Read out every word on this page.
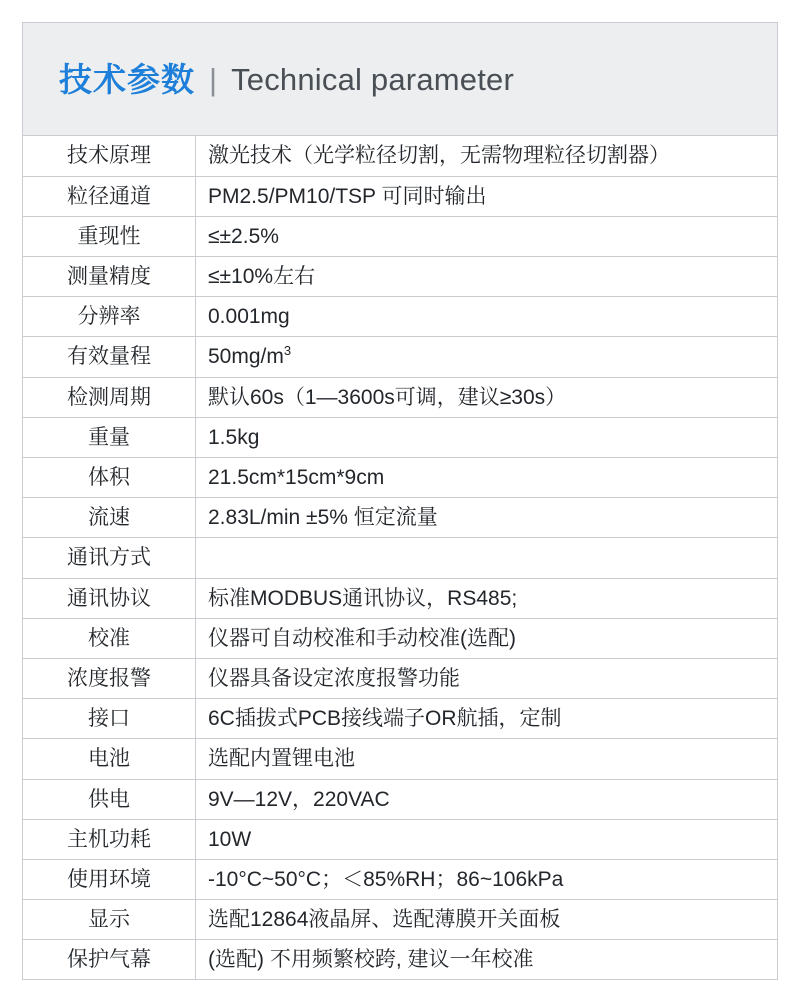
技术参数 | Technical parameter
技术原理	激光技术（光学粒径切割，无需物理粒径切割器）
粒径通道	PM2.5/PM10/TSP 可同时输出
重现性	≤±2.5%
测量精度	≤±10%左右
分辨率	0.001mg
有效量程	$50mg/m^3$
检测周期	默认60s（1—3600s可调，建议≥30s）
重量	1.5kg
体积	21.5cm*15cm*9cm
流速	2.83L/min ±5% 恒定流量
通讯方式	
通讯协议	标准MODBUS通讯协议，RS485;
校准	仪器可自动校准和手动校准(选配)
浓度报警	仪器具备设定浓度报警功能
接口	6C插拔式PCB接线端子OR航插，定制
电池	选配内置锂电池
供电	9V—12V，220VAC
主机功耗	10W
使用环境	-10°C~50°C；＜85%RH；86~106kPa
显示	选配12864液晶屏、选配薄膜开关面板
保护气幕	(选配) 不用频繁校跨, 建议一年校准
